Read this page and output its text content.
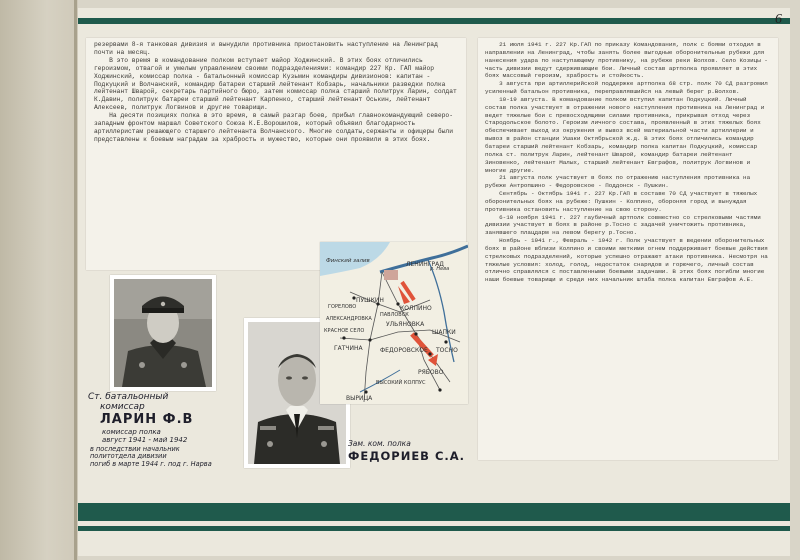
6

резервами 8-я танковая дивизия и вынудили противника приостановить наступление на Ленинград почти на месяц.
В это время в командование полком вступает майор Ходжинский. В этих боях отличились героизмом, отвагой и умелым управлением своими подразделениями: командир 227 Кр. ГАП майор Ходжинский, комиссар полка - батальонный комиссар Кузьмин командиры дивизионов: капитан - Подкуцкий и Волчанский, командир батареи старший лейтенант Кобзарь, начальники разведки полка лейтенант Шварой, секретарь партийного бюро, затем комиссар полка старший политрук Ларин, солдат К.Давин, политрук батареи старший лейтенант Карпенко, старший лейтенант Оськин, лейтенант Алексеев, политрук Логвинов и другие товарищи.
На десяти позициях полка в это время, в самый разгар боев, прибыл главнокомандующий северо-западным фронтом маршал Советского Союза К.Е.Ворошилов, который объявил благодарность артиллеристам решающего старшего лейтенанта Волчанского. Многие солдаты,сержанты и офицеры были представлены к боевым наградам за храбрость и мужество, которые они проявили в этих боях.

21 июля 1941 г. 227 Кр.ГАП по приказу Командования, полк с боями отходил в направлении на Ленинград, чтобы занять более выгодные оборонительные рубежи для нанесения удара по наступающему противнику, на рубеже реки Волхов. Село Козицы - часть дивизии ведут сдерживающие бои. Личный состав артполка проявляет в этих боях массовый героизм, храбрость и стойкость.
3 августа при артиллерийской поддержке артполка 68 стр. полк 70 СД разгромил усиленный батальон противника, переправлявшийся на левый берег р.Волхов.
10-19 августа. В командование полком вступил капитан Подкуцкий. Личный состав полка участвует в отражении нового наступления противника на Ленинград и ведет тяжелые бои с превосходящими силами противника, прикрывая отход через Стародольское болото. Героизм личного состава, проявленный в этих тяжелых боях обеспечивает выход из окружения и вывоз всей материальной части артиллерии и вывоз в район станции Ушаки Октябрьской ж.д. В этих боях отличились командир батареи старший лейтенант Кобзарь, командир полка капитан Подкуцкий, комиссар полка ст. политрук Ларин, лейтенант Шварой, командир батареи лейтенант Зиновенко, лейтенант Малых, старший лейтенант Евграфов, политрук Логвинов и многие другие.
21 августа полк участвует в боях по отражению наступления противника на рубеже Антропшино - Федоровское - Поддонск - Пушкин.
Сентябрь - Октябрь 1941 г. 227 Кр.ГАП в составе 70 СД участвует в тяжелых оборонительных боях на рубеже: Пушкин - Колпино, обороняя город и вынуждая противника остановить наступление на свою сторону.
6-10 ноября 1941 г. 227 гаубичный артполк совместно со стрелковыми частями дивизии участвует в боях в районе р.Тосно с задачей уничтожить противника, занявшего плацдарм на левом берегу р.Тосно.
Ноябрь - 1941 г., Февраль - 1942 г. Полк участвует в ведении оборонительных боях в районе вблизи Колпино и своими меткими огнем поддерживает боевые действия стрелковых подразделений, которые успешно отражают атаки противника. Несмотря на тяжелые условия: холод, голод, недостаток снарядов и горючего, личный состав отлично справлялся с поставленными боевыми задачами. В этих боях погибли многие наши боевые товарищи и среди них начальник штаба полка капитан Евграфов А.Е.

Ст. батальонный
комиссар
ЛАРИН Ф.В
комиссар полка
август 1941 - май 1942
в последствии начальник
политотдела дивизии
погиб в марте 1944 г. под г. Нарва
Зам. ком. полка
ФЕДОРИЕВ С.А.
ЛЕНИНГРАД
Финский залив
р. Нева
ПУШКИН
ГОРЕЛОВО
АЛЕКСАНДРОВКА
КРАСНОЕ СЕЛО
ПАВЛОВСК
КОЛПИНО
УЛЬЯНОВКА
ШАПКИ
ГАТЧИНА	ФЕДОРОВСКОЕ ТОСНО
РЯБОВО
ВЫСОКИЙ КОЛПУС
ВЫРИЦА
